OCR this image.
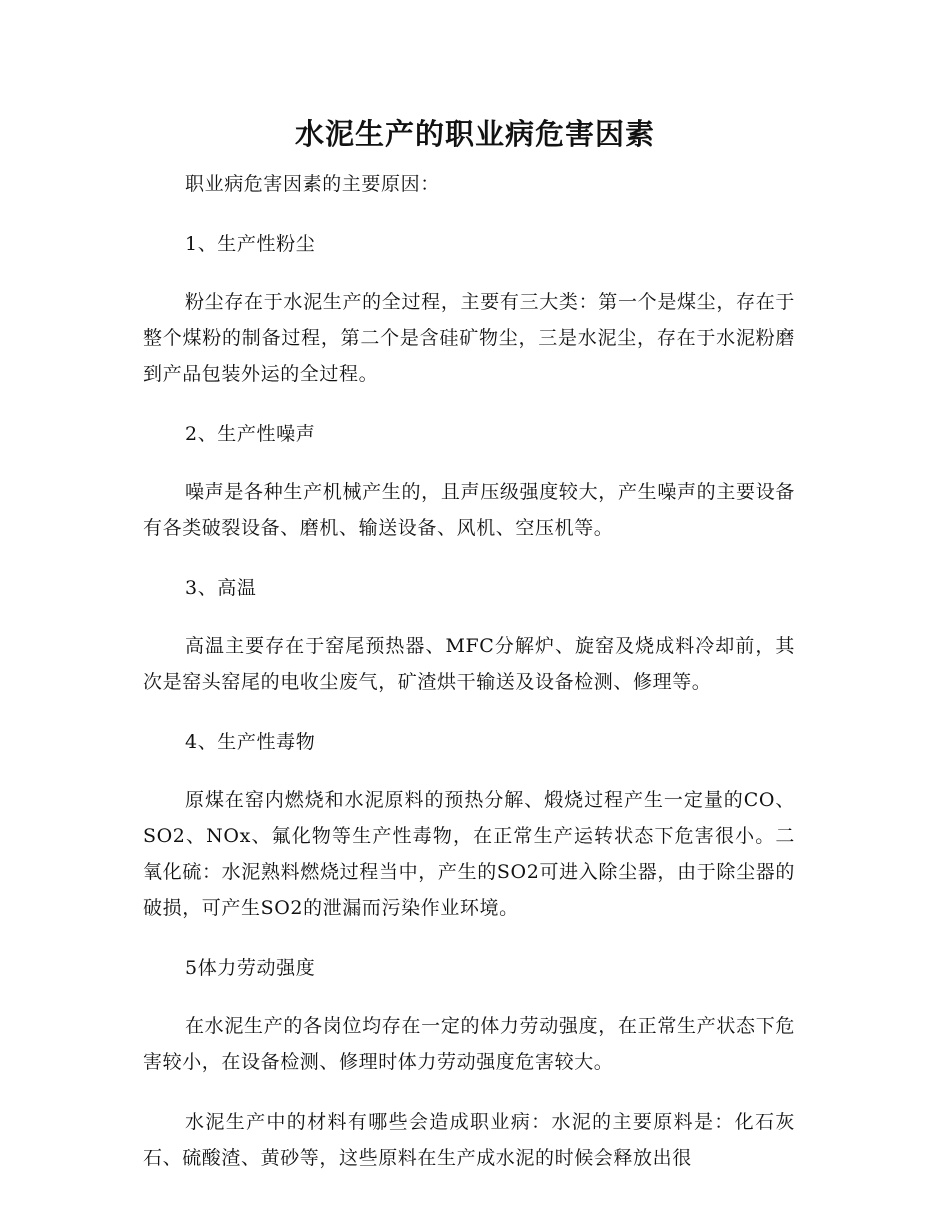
水泥生产的职业病危害因素

职业病危害因素的主要原因：

1、生产性粉尘

粉尘存在于水泥生产的全过程，主要有三大类：第一个是煤尘，存在于整个煤粉的制备过程，第二个是含硅矿物尘，三是水泥尘，存在于水泥粉磨到产品包装外运的全过程。

2、生产性噪声

噪声是各种生产机械产生的，且声压级强度较大，产生噪声的主要设备有各类破裂设备、磨机、输送设备、风机、空压机等。

3、高温

高温主要存在于窑尾预热器、MFC分解炉、旋窑及烧成料冷却前，其次是窑头窑尾的电收尘废气，矿渣烘干输送及设备检测、修理等。

4、生产性毒物

原煤在窑内燃烧和水泥原料的预热分解、煅烧过程产生一定量的CO、SO2、NOx、氟化物等生产性毒物，在正常生产运转状态下危害很小。二氧化硫：水泥熟料燃烧过程当中，产生的SO2可进入除尘器，由于除尘器的破损，可产生SO2的泄漏而污染作业环境。

5体力劳动强度

在水泥生产的各岗位均存在一定的体力劳动强度，在正常生产状态下危害较小，在设备检测、修理时体力劳动强度危害较大。

水泥生产中的材料有哪些会造成职业病：水泥的主要原料是：化石灰石、硫酸渣、黄砂等，这些原料在生产成水泥的时候会释放出很
